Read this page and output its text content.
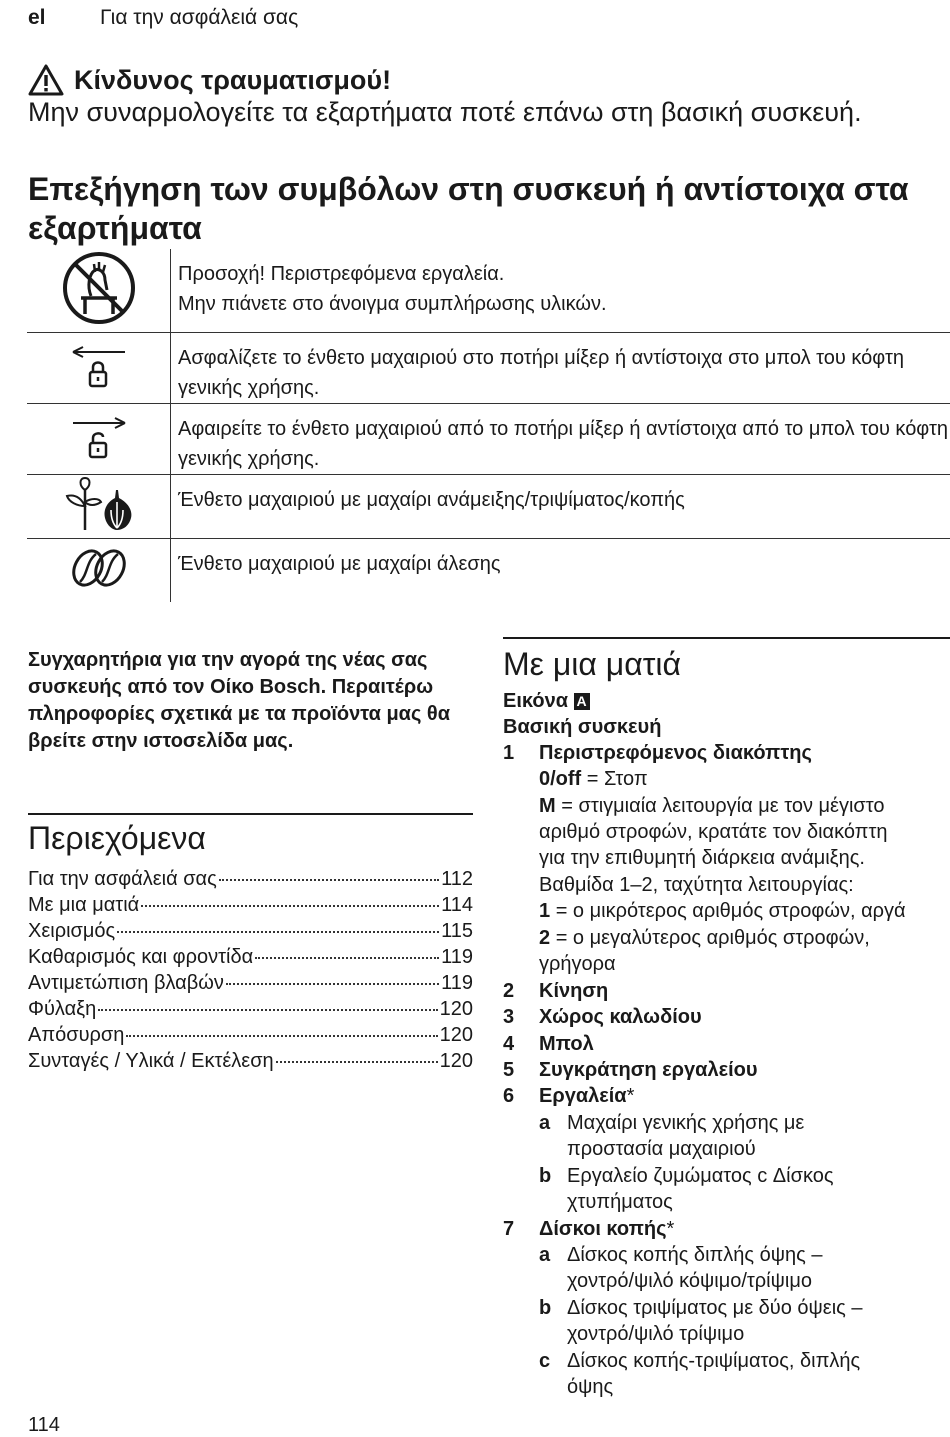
el	Για την ασφάλειά σας
Κίνδυνος τραυματισμού!
Μην συναρμολογείτε τα εξαρτήματα ποτέ επάνω στη βασική συσκευή.
Επεξήγηση των συμβόλων στη συσκευή ή αντίστοιχα στα εξαρτήματα

Προσοχή! Περιστρεφόμενα εργαλεία.
Μην πιάνετε στο άνοιγμα συμπλήρωσης υλικών.

Ασφαλίζετε το ένθετο μαχαιριού στο ποτήρι μίξερ ή αντίστοιχα στο μπολ του κόφτη γενικής χρήσης.

Αφαιρείτε το ένθετο μαχαιριού από το ποτήρι μίξερ ή αντίστοιχα από το μπολ του κόφτη γενικής χρήσης.

Ένθετο μαχαιριού με μαχαίρι ανάμειξης/τριψίματος/κοπής

Ένθετο μαχαιριού με μαχαίρι άλεσης
Συγχαρητήρια για την αγορά της νέας σας συσκευής από τον Οίκο Bosch. Περαιτέρω πληροφορίες σχετικά με τα προϊόντα μας θα βρείτε στην ιστοσελίδα μας.
Περιεχόμενα
Για την ασφάλειά σας	112
Με μια ματιά	114
Χειρισμός	115
Καθαρισμός και φροντίδα	119
Αντιμετώπιση βλαβών	119
Φύλαξη	120
Απόσυρση	120
Συνταγές / Υλικά / Εκτέλεση	120
Με μια ματιά
Εικόνα A
Βασική συσκευή
1 Περιστρεφόμενος διακόπτης
0/off = Στοπ
M = στιγμιαία λειτουργία με τον μέγιστο
αριθμό στροφών, κρατάτε τον διακόπτη
για την επιθυμητή διάρκεια ανάμιξης.
Βαθμίδα 1–2, ταχύτητα λειτουργίας:
1 = ο μικρότερος αριθμός στροφών, αργά
2 = ο μεγαλύτερος αριθμός στροφών,
γρήγορα
2 Κίνηση
3 Χώρος καλωδίου
4 Μπολ
5 Συγκράτηση εργαλείου
6 Εργαλεία*
a Μαχαίρι γενικής χρήσης με
προστασία μαχαιριού
b Εργαλείο ζυμώματος c Δίσκος
χτυπήματος
7 Δίσκοι κοπής*
a Δίσκος κοπής διπλής όψης –
χοντρό/ψιλό κόψιμο/τρίψιμο
b Δίσκος τριψίματος με δύο όψεις –
χοντρό/ψιλό τρίψιμο
c Δίσκος κοπής-τριψίματος, διπλής
όψης
114
